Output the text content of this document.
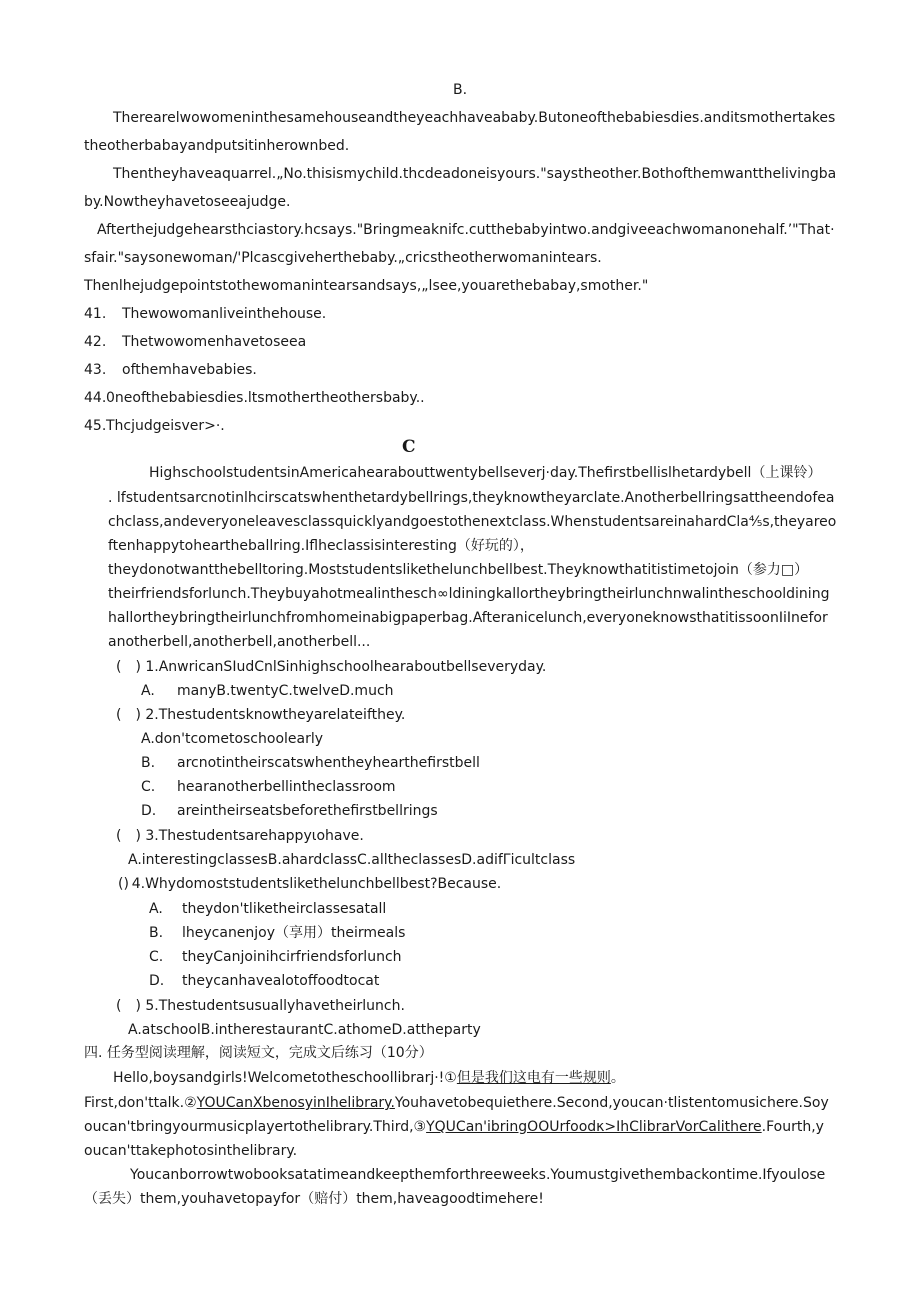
B.
Therearelwowomeninthesamehouseandtheyeachhaveababy.Butoneofthebabiesdies.anditsmothertakes
theotherbabayandputsitinherownbed.
Thentheyhaveaquarrel.„No.thisismychild.thcdeadoneisyours."saystheother.Bothofthemwantthelivingba
by.Nowtheyhavetoseeajudge.
Afterthejudgehearsthciastory.hcsays."Bringmeaknifc.cutthebabyintwo.andgiveeachwomanonehalf.’"That·
sfair."saysonewoman/'Plcascgiveherthebaby.„cricstheotherwomanintears.
Thenlhejudgepointstothewomanintearsandsays,„lsee,youarethebabay,smother."
41. Thewowomanliveinthehouse.
42. Thetwowomenhavetoseea
43. ofthemhavebabies.
44. 0neofthebabiesdies.ltsmothertheothersbaby..
45. Thcjudgeisver>·.
C
HighschoolstudentsinAmericahearabouttwentybellseverj·day.Thefirstbellislhetardybell（上课铃）
. lfstudentsarcnotinlhcirscatswhenthetardybellrings,theyknowtheyarclate.Anotherbellringsattheendofea
chclass,andeveryoneleavesclassquicklyandgoestothenextclass.WhenstudentsareinahardCla⅘s,theyareo
ftenhappytoheartheballring.Iflheclassisinteresting（好玩的），
theydonotwantthebelltoring.Moststudentslikethelunchbellbest.Theyknowthatitistimetojoin（参力□）
theirfriendsforlunch.Theybuyahotmealinthesch∞ldiningkallortheybringtheirlunchnwalintheschooldining
hallortheybringtheirlunchfromhomeinabigpaperbag.Afteranicelunch,everyoneknowsthatitissoonIiInefor
anotherbell,anotherbell,anotherbell...
(　) 1.AnwricanSIudCnlSinhighschoolhearaboutbellseveryday.
A. manyB.twentyC.twelveD.much
(　) 2.Thestudentsknowtheyarelateifthey.
A.don'tcometoschoolearly
B. arcnotintheirscatswhentheyhearthefirstbell
C. hearanotherbellintheclassroom
D. areintheirseatsbeforethefirstbellrings
(　) 3.Thestudentsarehappyιohave.
A.interestingclassesB.ahardclassC.alltheclassesD.adifΓicultclass
() 4.Whydomoststudentslikethelunchbellbest?Because.
A. theydon'tliketheirclassesatall
B. lheycanenjoy（享用）theirmeals
C. theyCanjoinihcirfriendsforlunch
D. theycanhavealotoffoodtocat
(　) 5.Thestudentsusuallyhavetheirlunch.
A.atschoolB.intherestaurantC.athomeD.attheparty
四. 任务型阅读理解，阅读短文，完成文后练习（10分）
Hello,boysandgirls!Welcometotheschoollibrarj·!①但是我们这电有一些规则。
First,don'ttalk.②YOUCanXbenosyinIhelibrary.Youhavetobequiethere.Second,youcan·tlistentomusichere.Soy
oucan'tbringyourmusicplayertothelibrary.Third,③YQUCan'ibringOOUrfoodκ>IhClibrarVorCalithere.Fourth,y
oucan'ttakephotosinthelibrary.
Youcanborrowtwobooksatatimeandkeepthemforthreeweeks.Youmustgivethembackontime.Ifyoulose
（丢失）them,youhavetopayfor（赔付）them,haveagoodtimehere!
